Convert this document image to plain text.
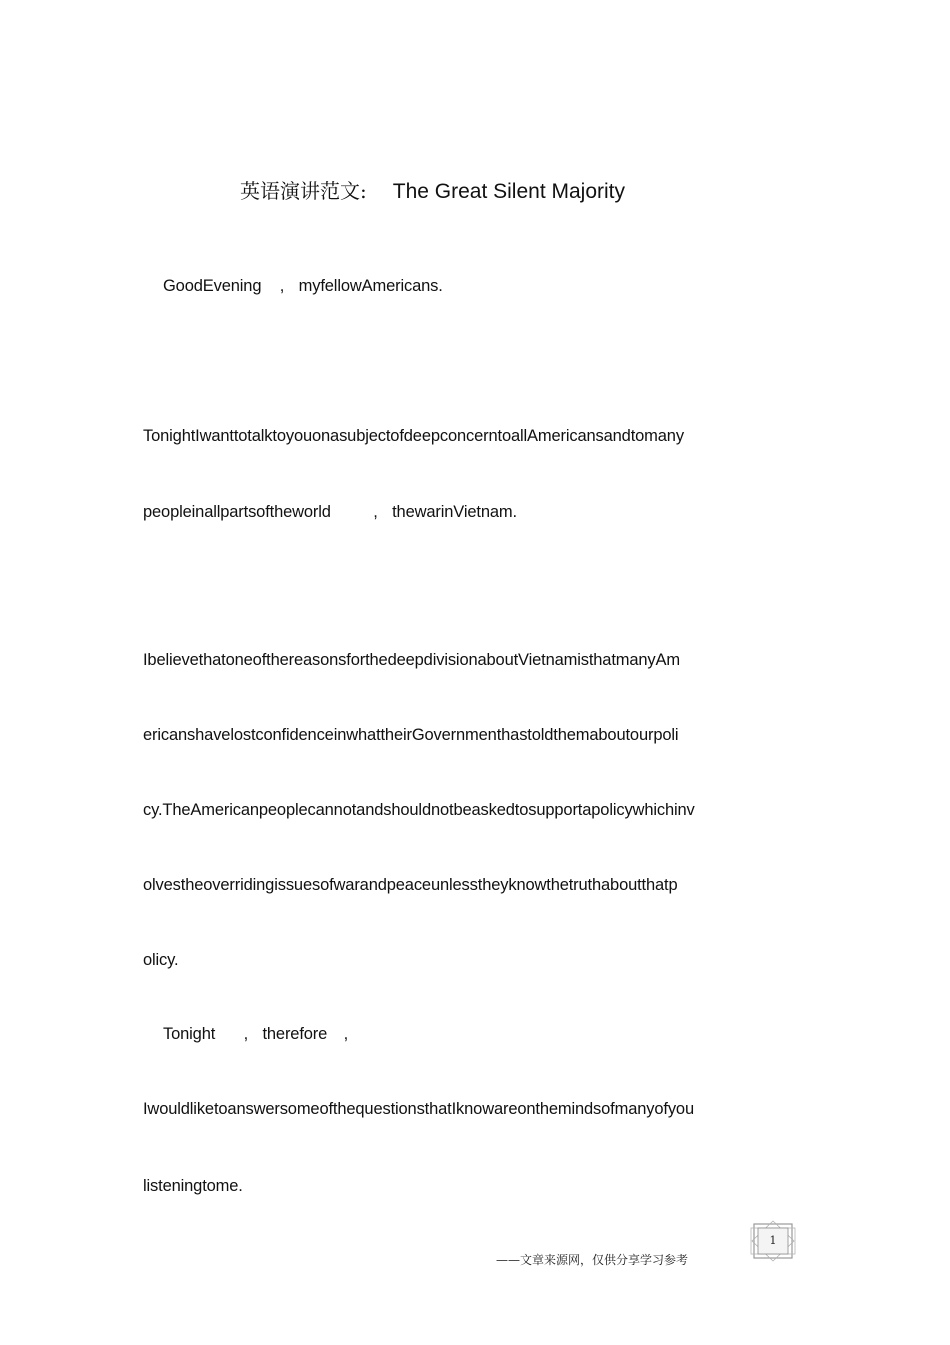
英语演讲范文: The Great Silent Majority
GoodEvening , myfellowAmericans.
TonightIwanttotalktoyouonasubjectofdeepconcerntoallAmericansandtomany
peopleinallpartsoftheworld	, thewarinVietnam.
IbelievethatoneofthereasonsforthedeepdivisionaboutVietnamisthatmanyAm
ericanshavelostconfidenceinwhattheirGovernmenthastoldthemaboutourpoli
cy.TheAmericanpeoplecannotandshouldnotbeaskedtosupportapolicywhichinv
olvestheoverridingissuesofwarandpeaceunlesstheyknowthetruthaboutthatp
olicy.
Tonight , therefore ,
IwouldliketoanswersomeofthequestionsthatIknowareonthemindsofmanyofyou
listeningtome.
1
——文章来源网，仅供分享学习参考
